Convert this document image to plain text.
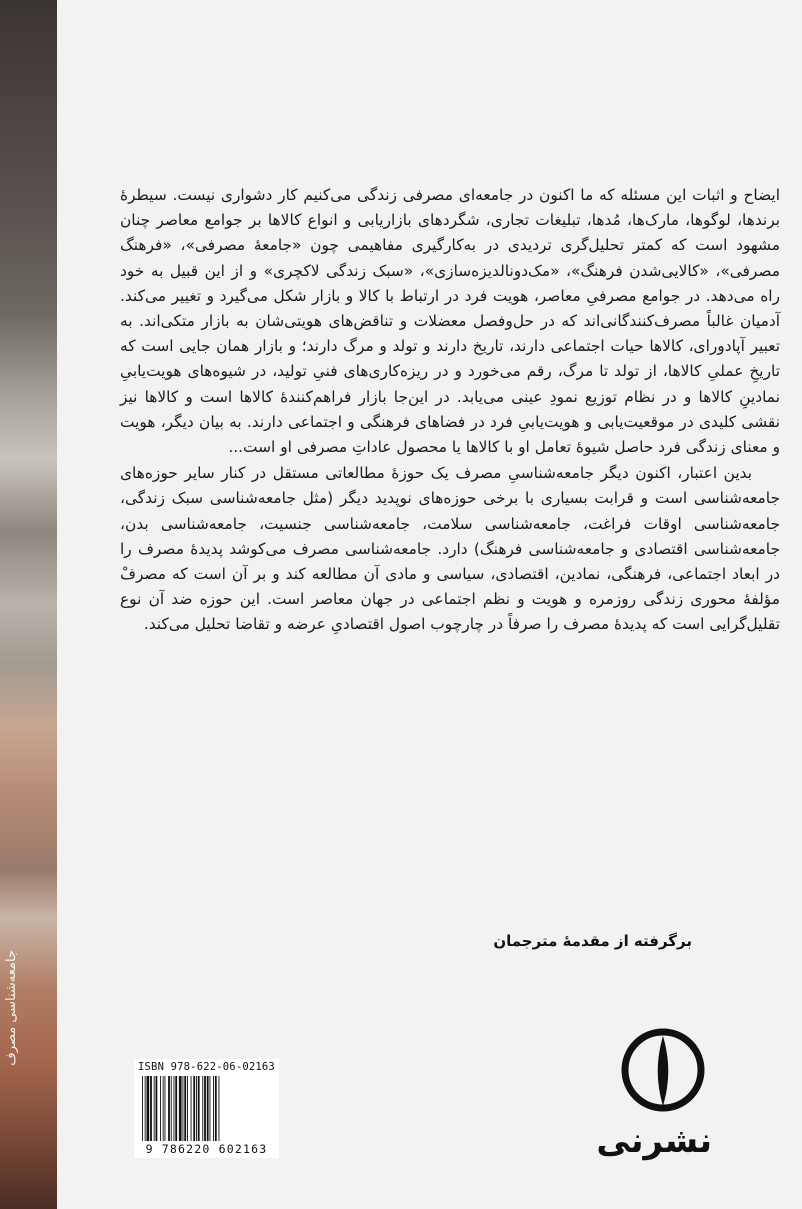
جامعه‌شناسی مصرف

ایضاح و اثبات این مسئله که ما اکنون در جامعه‌ای مصرفی زندگی می‌کنیم کار دشواری نیست. سیطرهٔ برندها، لوگوها، مارک‌ها، مُدها، تبلیغات تجاری، شگردهای بازاریابی و انواع کالاها بر جوامع معاصر چنان مشهود است که کمتر تحلیل‌گری تردیدی در به‌کارگیری مفاهیمی چون «جامعهٔ مصرفی»، «فرهنگ مصرفی»، «کالایی‌شدن فرهنگ»، «مک‌دونالدیزه‌سازی»، «سبک زندگی لاکچری» و از این قبیل به خود راه می‌دهد. در جوامع مصرفیِ معاصر، هویت فرد در ارتباط با کالا و بازار شکل می‌گیرد و تغییر می‌کند. آدمیان غالباً مصرف‌کنندگانی‌اند که در حل‌وفصل معضلات و تناقض‌های هویتی‌شان به بازار متکی‌اند. به تعبیر آپادورای، کالاها حیات اجتماعی دارند، تاریخ دارند و تولد و مرگ دارند؛ و بازار همان جایی است که تاریخِ عملیِ کالاها، از تولد تا مرگ، رقم می‌خورد و در ریزه‌کاری‌های فنیِ تولید، در شیوه‌های هویت‌یابیِ نمادینِ کالاها و در نظام توزیع نمودِ عینی می‌یابد. در این‌جا بازار فراهم‌کنندهٔ کالاها است و کالاها نیز نقشی کلیدی در موقعیت‌یابی و هویت‌یابیِ فرد در فضاهای فرهنگی و اجتماعی دارند. به بیان دیگر، هویت و معنای زندگی فرد حاصل شیوهٔ تعامل او با کالاها یا محصول عاداتِ مصرفی او است...

بدین اعتبار، اکنون دیگر جامعه‌شناسیِ مصرف یک حوزهٔ مطالعاتی مستقل در کنار سایر حوزه‌های جامعه‌شناسی است و قرابت بسیاری با برخی حوزه‌های نوپدید دیگر (مثل جامعه‌شناسی سبک زندگی، جامعه‌شناسی اوقات فراغت، جامعه‌شناسی سلامت، جامعه‌شناسی جنسیت، جامعه‌شناسی بدن، جامعه‌شناسی اقتصادی و جامعه‌شناسی فرهنگ) دارد. جامعه‌شناسی مصرف می‌کوشد پدیدهٔ مصرف را در ابعاد اجتماعی، فرهنگی، نمادین، اقتصادی، سیاسی و مادی آن مطالعه کند و بر آن است که مصرفْ مؤلفهٔ محوری زندگی روزمره و هویت و نظم اجتماعی در جهان معاصر است. این حوزه ضد آن نوع تقلیل‌گرایی است که پدیدهٔ مصرف را صرفاً در چارچوب اصول اقتصادیِ عرضه و تقاضا تحلیل می‌کند.

برگرفته از مقدمهٔ مترجمان
ISBN 978-622-06-02163
9 786220 602163	نشرنی
